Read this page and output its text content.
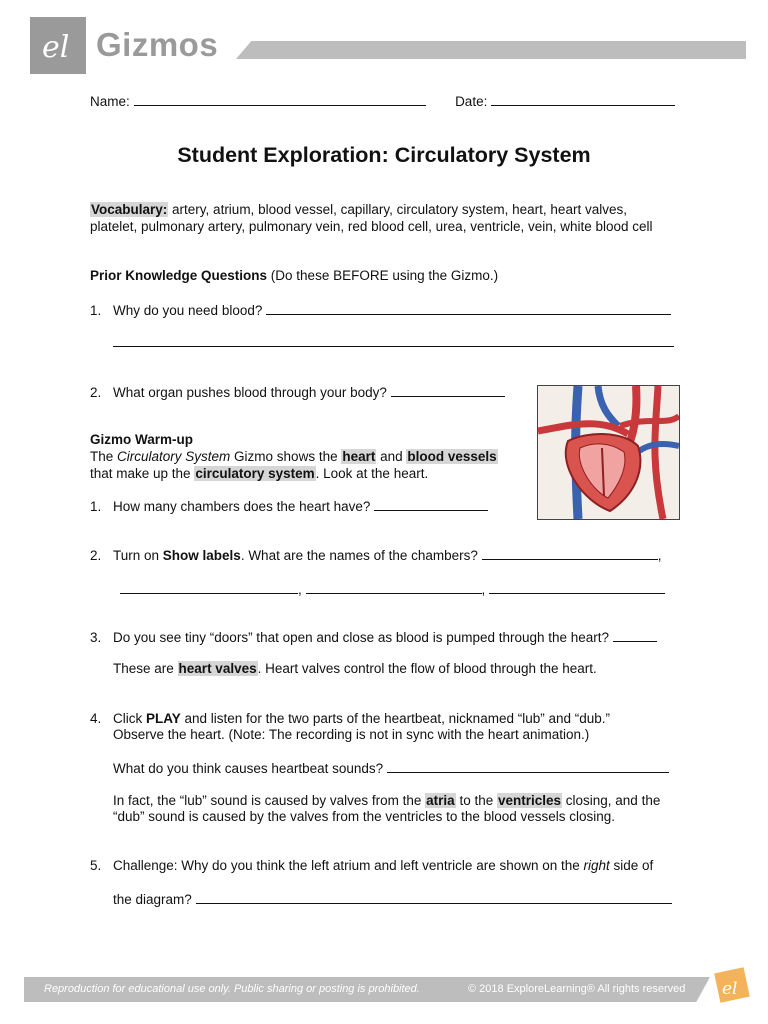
el Gizmos
Name:	Date:
Student Exploration: Circulatory System
Vocabulary: artery, atrium, blood vessel, capillary, circulatory system, heart, heart valves,
platelet, pulmonary artery, pulmonary vein, red blood cell, urea, ventricle, vein, white blood cell
Prior Knowledge Questions (Do these BEFORE using the Gizmo.)
1. Why do you need blood?
2. What organ pushes blood through your body?
Gizmo Warm-up
The Circulatory System Gizmo shows the heart and blood vessels
that make up the circulatory system. Look at the heart.
1. How many chambers does the heart have?
2. Turn on Show labels. What are the names of the chambers?	,
,	,
3. Do you see tiny “doors” that open and close as blood is pumped through the heart?
These are heart valves. Heart valves control the flow of blood through the heart.
4. Click PLAY and listen for the two parts of the heartbeat, nicknamed “lub” and “dub.”
Observe the heart. (Note: The recording is not in sync with the heart animation.)
What do you think causes heartbeat sounds?
In fact, the “lub” sound is caused by valves from the atria to the ventricles closing, and the
“dub” sound is caused by the valves from the ventricles to the blood vessels closing.
5. Challenge: Why do you think the left atrium and left ventricle are shown on the right side of
the diagram?
Reproduction for educational use only. Public sharing or posting is prohibited.	© 2018 ExploreLearning® All rights reserved el
